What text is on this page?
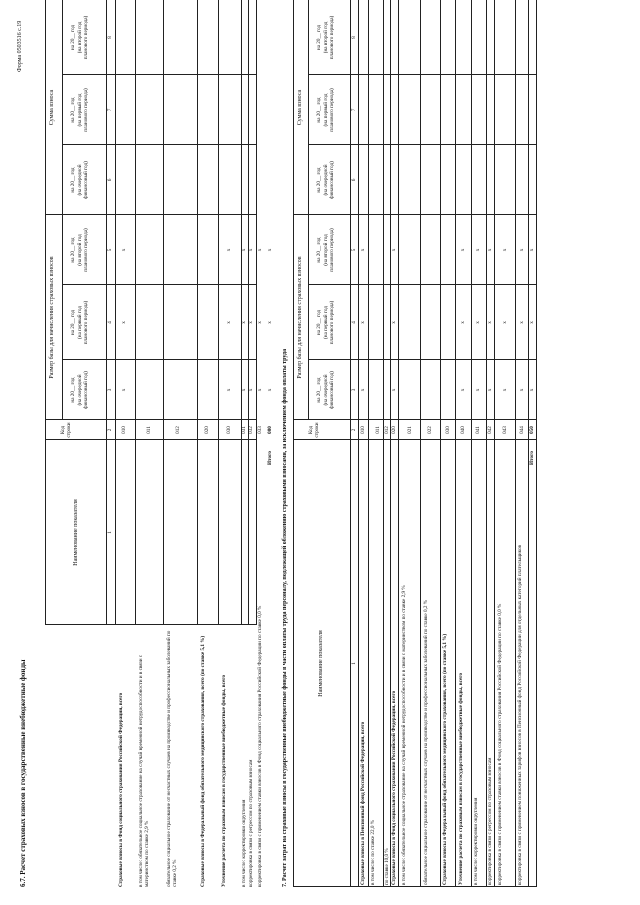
Форма 0503516 с.19
6.7. Расчет страховых взносов в государственные внебюджетные фонды
Наименование показателя
Код строки
Размер базы для начисления страховых взносов
Сумма взноса
на 20__ год (на очередной финансовый год)
на 20__ год (на первый год планового периода)
на 20__ год (на второй год планового периода)
на 20__ год (на очередной финансовый год)
на 20__ год (на первый год планового периода)
на 20__ год (на второй год планового периода)
1
2
3
4
5
6
7
8
Страховые взносы в Фонд социального страхования Российской Федерации, всего
010
x
x
x
в том числе: обязательное социальное страхование на случай временной нетрудоспособности и в связи с материнством по ставке 2,9 %
011
обязательное социальное страхование от несчастных случаев на производстве и профессиональных заболеваний по ставке 0,2 %
012
Страховые взносы в Федеральный фонд обязательного медицинского страхования, всего (по ставке 5,1 %)
020
Уточнение расчета по страховым взносам в государственные внебюджетные фонды, всего
030
x
x
x
в том числе: корректировки округления
031
x
x
x
корректировка в связи с регрессом по страховым взносам
032
x
x
x
корректировка в связи с применением ставки взносов в Фонд социального страхования Российской Федерации по ставке 0,0 %
033
x
x
x
Итого
000
x
x
x
7. Расчет затрат на страховые взносы в государственные внебюджетные фонды в части оплаты труда персоналу, подлежащей обложению страховыми взносами, за исключением фонда оплаты труда	Наименование показателя
Код строки
Размер базы для начисления страховых взносов
Сумма взноса
на 20__ год (на очередной финансовый год)
на 20__ год (на первый год планового периода)
на 20__ год (на второй год планового периода)
на 20__ год (на очередной финансовый год)
на 20__ год (на первый год планового периода)
на 20__ год (на второй год планового периода)
1
2
3
4
5
6
7
8
Страховые взносы в Пенсионный фонд Российской Федерации, всего
010
x
x
x
в том числе: по ставке 22,0 %
011
по ставке 10,0 %
012
Страховые взносы в Фонд социального страхования Российской Федерации, всего
020
x
x
x
в том числе: обязательное социальное страхование на случай временной нетрудоспособности и в связи с материнством по ставке 2,9 %
021
обязательное социальное страхование от несчастных случаев на производстве и профессиональных заболеваний по ставке 0,2 %
022
Страховые взносы в Федеральный фонд обязательного медицинского страхования, всего (по ставке 5,1 %)
030
Уточнение расчета по страховым взносам в государственные внебюджетные фонды, всего
040
x
x
x
в том числе: корректировки округления
041
x
x
x
корректировка в связи с регрессом по страховым взносам
042
x
x
x
корректировка в связи с применением ставки взносов в Фонд социального страхования Российской Федерации по ставке 0,0 %
043
x
x
x
корректировка в связи с применением пониженных тарифов взносов в Пенсионный фонд Российской Федерации для отдельных категорий плательщиков
044
x
x
x
Итого
050
x
x
x
